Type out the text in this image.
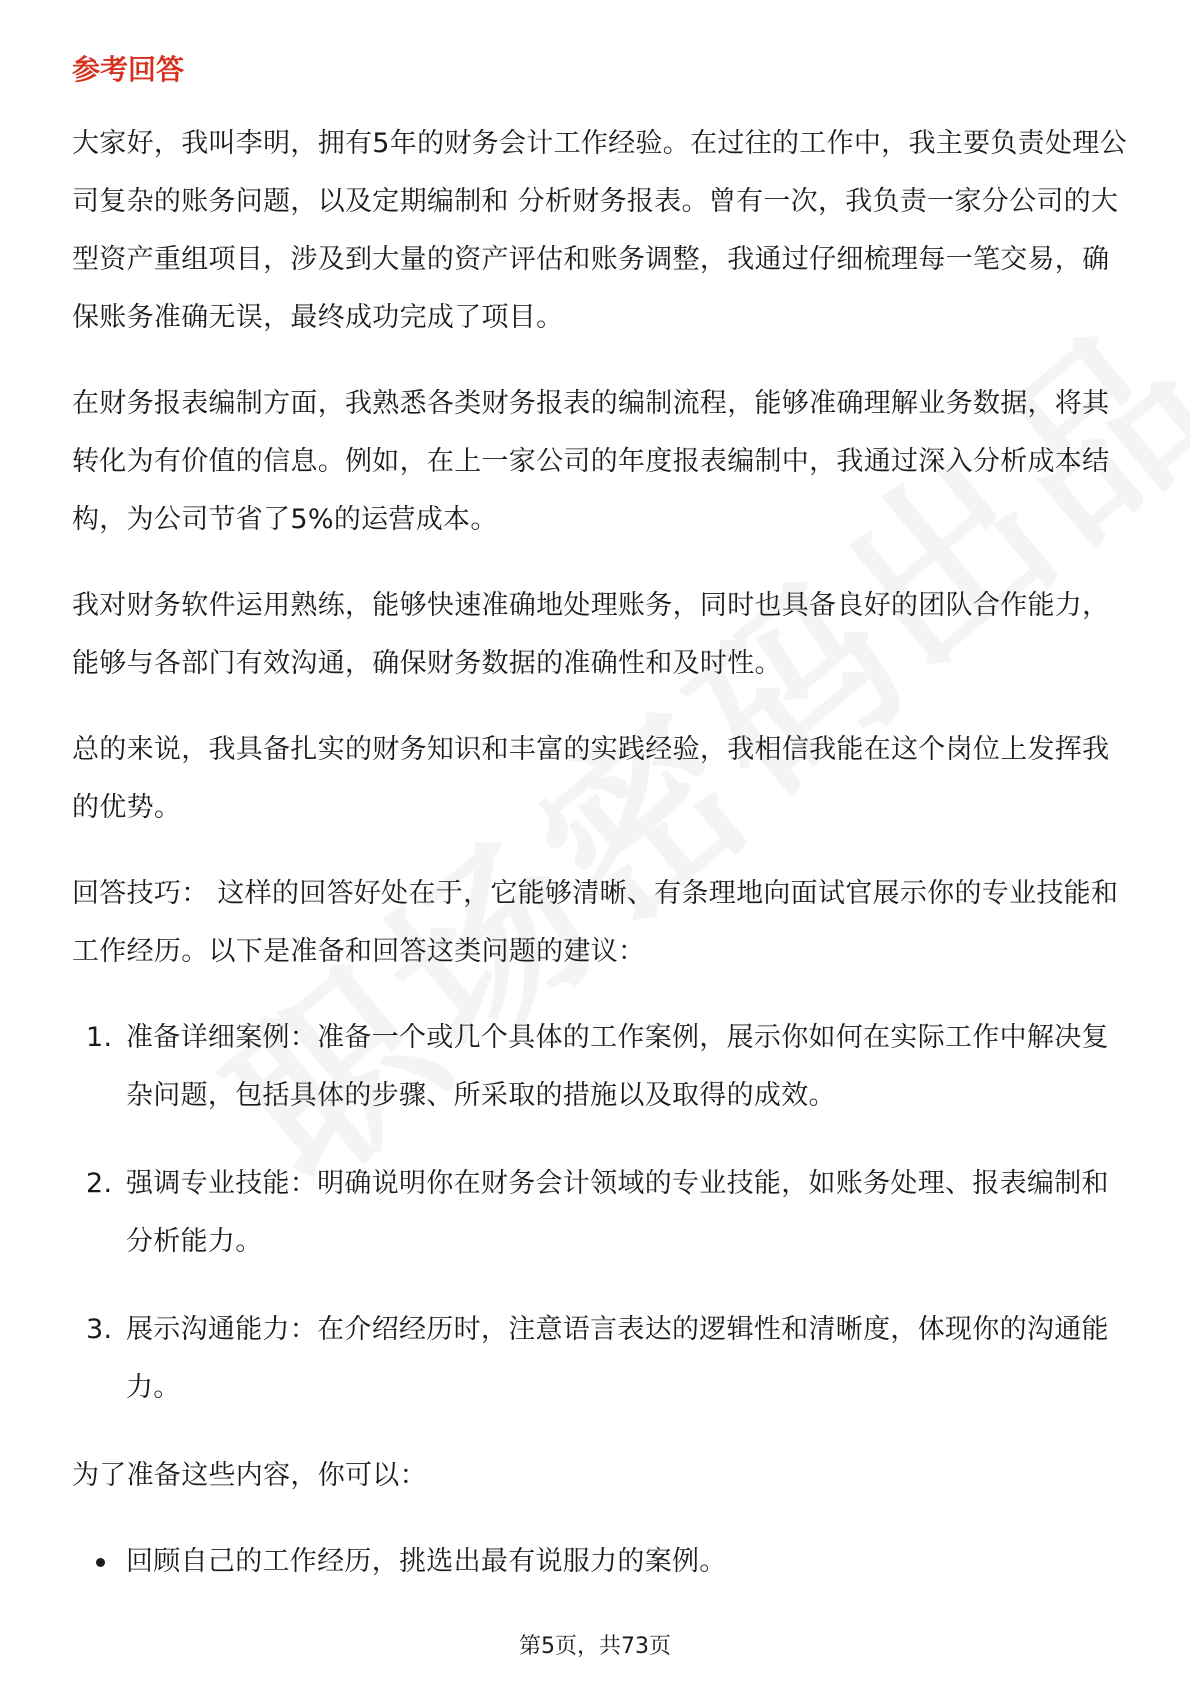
参考回答

大家好，我叫李明，拥有5年的财务会计工作经验。在过往的工作中，我主要负责处理公司复杂的账务问题，以及定期编制和 分析财务报表。曾有一次，我负责一家分公司的大型资产重组项目，涉及到大量的资产评估和账务调整，我通过仔细梳理每一笔交易，确保账务准确无误，最终成功完成了项目。

在财务报表编制方面，我熟悉各类财务报表的编制流程，能够准确理解业务数据，将其转化为有价值的信息。例如，在上一家公司的年度报表编制中，我通过深入分析成本结构，为公司节省了5%的运营成本。

我对财务软件运用熟练，能够快速准确地处理账务，同时也具备良好的团队合作能力，能够与各部门有效沟通，确保财务数据的准确性和及时性。

总的来说，我具备扎实的财务知识和丰富的实践经验，我相信我能在这个岗位上发挥我的优势。

回答技巧： 这样的回答好处在于，它能够清晰、有条理地向面试官展示你的专业技能和工作经历。以下是准备和回答这类问题的建议：

1. 准备详细案例：准备一个或几个具体的工作案例，展示你如何在实际工作中解决复杂问题，包括具体的步骤、所采取的措施以及取得的成效。
2. 强调专业技能：明确说明你在财务会计领域的专业技能，如账务处理、报表编制和分析能力。
3. 展示沟通能力：在介绍经历时，注意语言表达的逻辑性和清晰度，体现你的沟通能力。

为了准备这些内容，你可以：

回顾自己的工作经历，挑选出最有说服力的案例。
第5页，共73页
